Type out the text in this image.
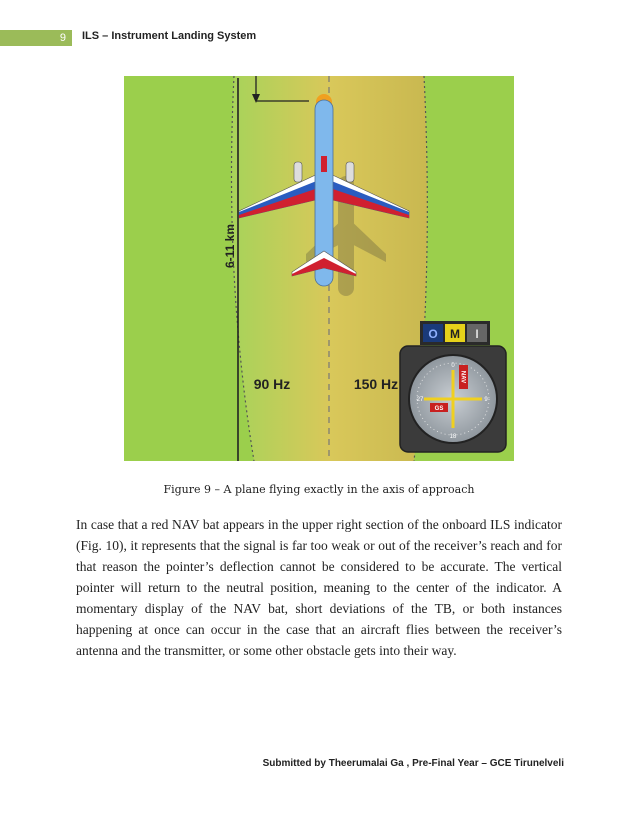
9	ILS – Instrument Landing System
6-11 km
90 Hz	150 Hz
O M I
0
9
18
27
NAV
GS
Figure 9 – A plane flying exactly in the axis of approach

In case that a red NAV bat appears in the upper right section of the onboard ILS indicator (Fig. 10), it represents that the signal is far too weak or out of the receiver’s reach and for that reason the pointer’s deflection cannot be considered to be accurate. The vertical pointer will return to the neutral position, meaning to the center of the indicator. A momentary display of the NAV bat, short deviations of the TB, or both instances happening at once can occur in the case that an aircraft flies between the receiver’s antenna and the transmitter, or some other obstacle gets into their way.

Submitted by Theerumalai Ga , Pre-Final Year – GCE Tirunelveli
